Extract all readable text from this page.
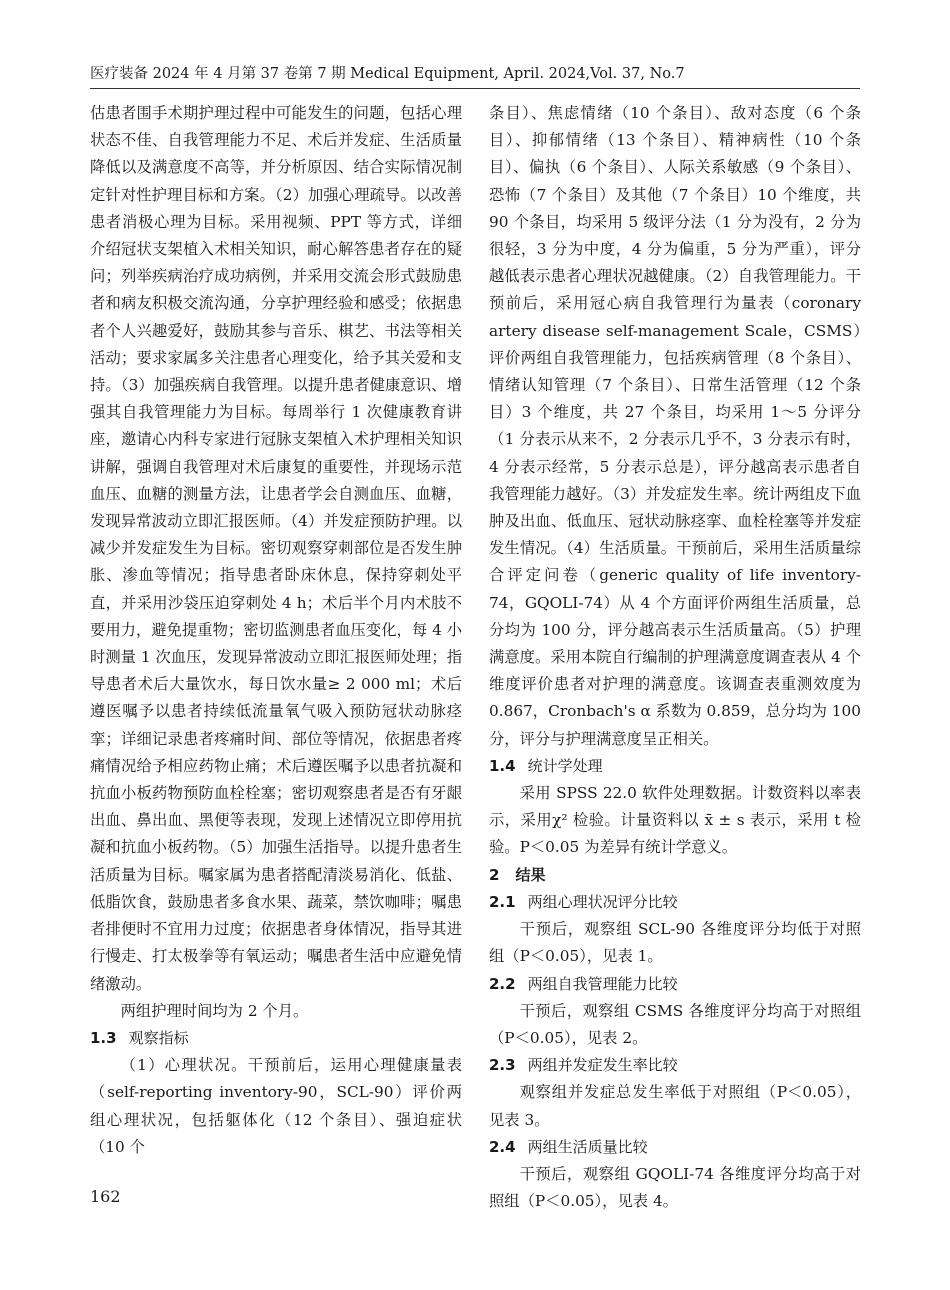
医疗装备 2024 年 4 月第 37 卷第 7 期 Medical Equipment, April. 2024,Vol. 37, No.7

估患者围手术期护理过程中可能发生的问题，包括心理状态不佳、自我管理能力不足、术后并发症、生活质量降低以及满意度不高等，并分析原因、结合实际情况制定针对性护理目标和方案。（2）加强心理疏导。以改善患者消极心理为目标。采用视频、PPT 等方式，详细介绍冠状支架植入术相关知识，耐心解答患者存在的疑问；列举疾病治疗成功病例，并采用交流会形式鼓励患者和病友积极交流沟通，分享护理经验和感受；依据患者个人兴趣爱好，鼓励其参与音乐、棋艺、书法等相关活动；要求家属多关注患者心理变化，给予其关爱和支持。（3）加强疾病自我管理。以提升患者健康意识、增强其自我管理能力为目标。每周举行 1 次健康教育讲座，邀请心内科专家进行冠脉支架植入术护理相关知识讲解，强调自我管理对术后康复的重要性，并现场示范血压、血糖的测量方法，让患者学会自测血压、血糖，发现异常波动立即汇报医师。（4）并发症预防护理。以减少并发症发生为目标。密切观察穿刺部位是否发生肿胀、渗血等情况；指导患者卧床休息，保持穿刺处平直，并采用沙袋压迫穿刺处 4 h；术后半个月内术肢不要用力，避免提重物；密切监测患者血压变化，每 4 小时测量 1 次血压，发现异常波动立即汇报医师处理；指导患者术后大量饮水，每日饮水量≥ 2 000 ml；术后遵医嘱予以患者持续低流量氧气吸入预防冠状动脉痉挛；详细记录患者疼痛时间、部位等情况，依据患者疼痛情况给予相应药物止痛；术后遵医嘱予以患者抗凝和抗血小板药物预防血栓栓塞；密切观察患者是否有牙龈出血、鼻出血、黑便等表现，发现上述情况立即停用抗凝和抗血小板药物。（5）加强生活指导。以提升患者生活质量为目标。嘱家属为患者搭配清淡易消化、低盐、低脂饮食，鼓励患者多食水果、蔬菜，禁饮咖啡；嘱患者排便时不宜用力过度；依据患者身体情况，指导其进行慢走、打太极拳等有氧运动；嘱患者生活中应避免情绪激动。

两组护理时间均为 2 个月。

1.3 观察指标

（1）心理状况。干预前后，运用心理健康量表（self-reporting inventory-90，SCL-90）评价两组心理状况，包括躯体化（12 个条目）、强迫症状（10 个

条目）、焦虑情绪（10 个条目）、敌对态度（6 个条目）、抑郁情绪（13 个条目）、精神病性（10 个条目）、偏执（6 个条目）、人际关系敏感（9 个条目）、恐怖（7 个条目）及其他（7 个条目）10 个维度，共 90 个条目，均采用 5 级评分法（1 分为没有，2 分为很轻，3 分为中度，4 分为偏重，5 分为严重），评分越低表示患者心理状况越健康。（2）自我管理能力。干预前后，采用冠心病自我管理行为量表（coronary artery disease self-management Scale，CSMS）评价两组自我管理能力，包括疾病管理（8 个条目）、情绪认知管理（7 个条目）、日常生活管理（12 个条目）3 个维度，共 27 个条目，均采用 1～5 分评分（1 分表示从来不，2 分表示几乎不，3 分表示有时，4 分表示经常，5 分表示总是），评分越高表示患者自我管理能力越好。（3）并发症发生率。统计两组皮下血肿及出血、低血压、冠状动脉痉挛、血栓栓塞等并发症发生情况。（4）生活质量。干预前后，采用生活质量综合评定问卷（generic quality of life inventory-74，GQOLI-74）从 4 个方面评价两组生活质量，总分均为 100 分，评分越高表示生活质量高。（5）护理满意度。采用本院自行编制的护理满意度调查表从 4 个维度评价患者对护理的满意度。该调查表重测效度为 0.867，Cronbach's α 系数为 0.859，总分均为 100 分，评分与护理满意度呈正相关。

1.4 统计学处理

采用 SPSS 22.0 软件处理数据。计数资料以率表示，采用χ² 检验。计量资料以 x̄ ± s 表示，采用 t 检验。P＜0.05 为差异有统计学意义。

2 结果

2.1 两组心理状况评分比较

干预后，观察组 SCL-90 各维度评分均低于对照组（P＜0.05），见表 1。

2.2 两组自我管理能力比较

干预后，观察组 CSMS 各维度评分均高于对照组（P＜0.05），见表 2。

2.3 两组并发症发生率比较

观察组并发症总发生率低于对照组（P＜0.05），见表 3。

2.4 两组生活质量比较

干预后，观察组 GQOLI-74 各维度评分均高于对照组（P＜0.05），见表 4。

162
